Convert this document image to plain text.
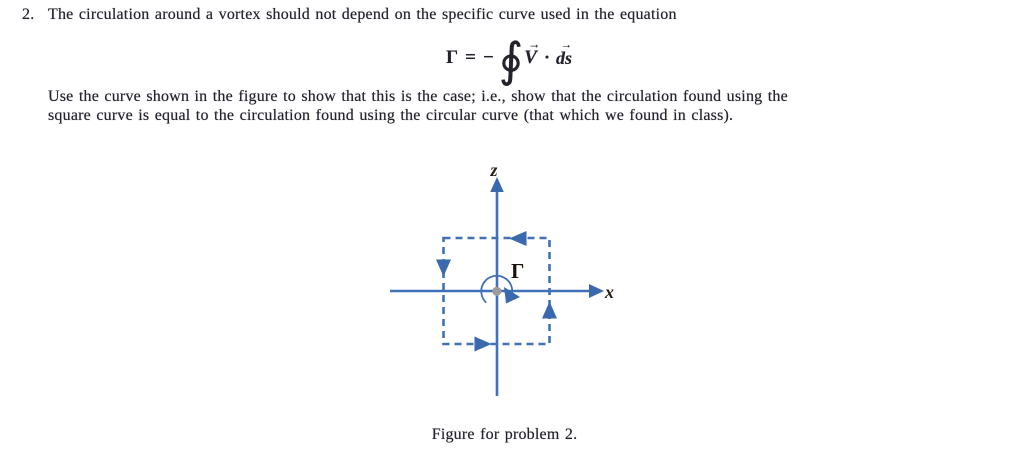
2. The circulation around a vortex should not depend on the specific curve used in the equation
Γ = − ∮ →
V ·
→
ds
Use the curve shown in the figure to show that this is the case; i.e., show that the circulation found using the
square curve is equal to the circulation found using the circular curve (that which we found in class).
z
x
Γ
Figure for problem 2.
